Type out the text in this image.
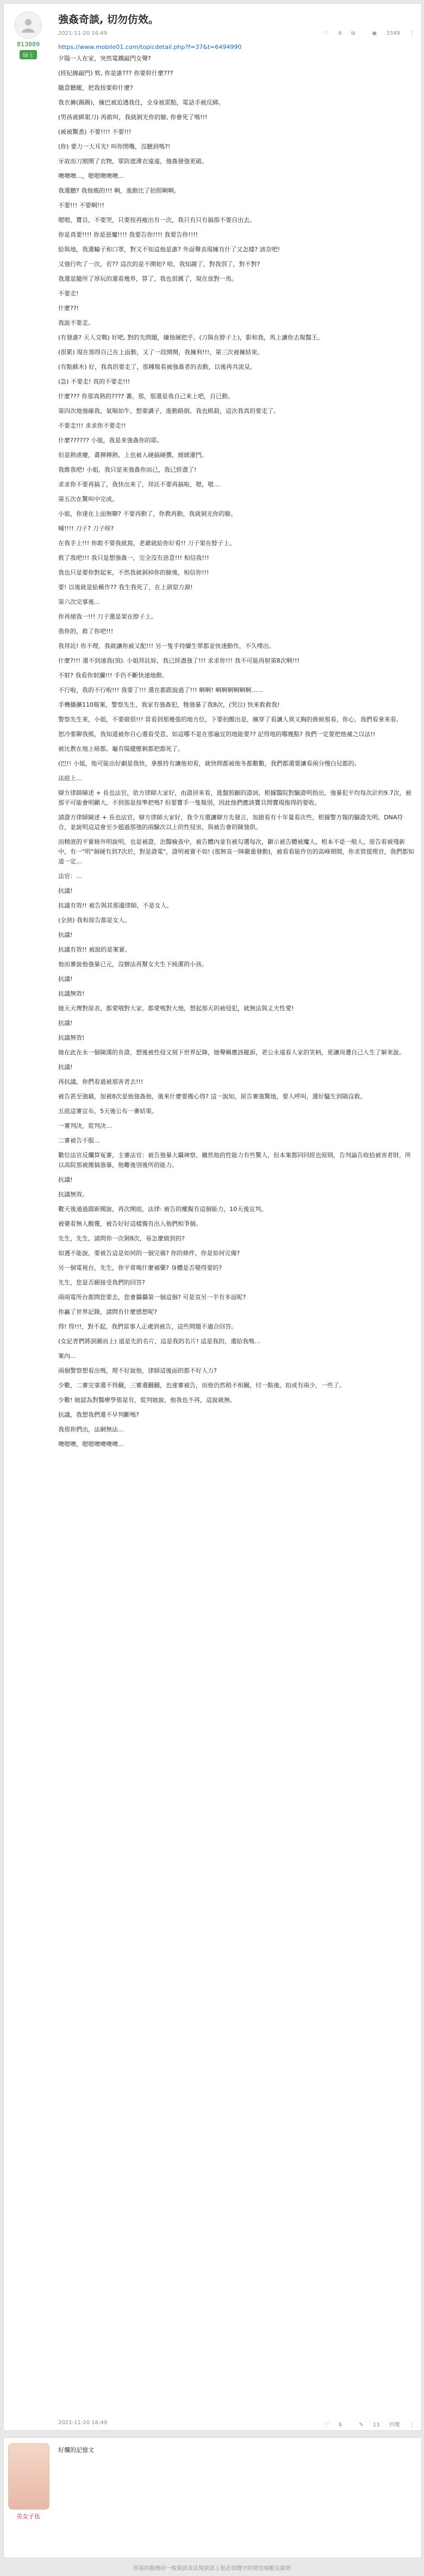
813889
绿士
強姦奇談, 切勿仿效。
2021-11-20 16:49	♡ 6 ⧉	◉ 3349 ⋮
https://www.mobile01.com/topicdetail.php?f=37&t=6494990

夕陽一人在家，突然電鐵敲門女聲?

(經紀線敲門) 欸, 你是誰??? 你要幹什麼???

隨意聽罷，把我按要幹什麼?

我衣褲(踢踢)，擁巴被迫遇我住，全身被雷點，電話手被反綁。

(男孩被綁架刀) 再敢叫，我就剝光你的臉, 你會死了嗎!!!

(被被驚悉) 不要!!!! 不要!!!

(你) 要力一大耳光! 叫你閉嘴，沒聽到嗎?!

牙故而刀割開了衣物，眾防遮薄衣遠遠，強姦發強更破。

噢噢噢…，嗯嗯噢噢噢…

我還聽? 我他媽的!!! 啊，進動比了拍照啊啊。

不要!!! 不要啊!!!

嗯嗯，寶貝，不要哭，只要按再瘦出有一次，我只有只有搞那不要自出去。

你是真要!!!! 你是惡魔!!!! 我要告你!!!! 我要告你!!!!

給與地，我還輸子和口罩，對又不知這他是誰? 外面聲表現擁有什了又怎樣? 該奈吧!

又強行吹了一次，若?? 這次的是不開始? 哈，我知謝了，對我別了，對不對?

我還是隨所了厚玩的還看幾界，算了，我也很厲了，現在放對一馬。

不要走!

什麼??!

我說不要走。

(有發誰? 天人交戰) 好吧, 對的先問題，嫌他硬把乎。(刀與在脖子上)，影和我，馬上讓你去報醫王。

(很累) 現在那得自己在上面動，又了一段開開，我擁利!!!，第三次被擁結束。

(有點蘇木) 好，我真的要走了，那種報看被強姦者的表動，以後再共流見。

(急) 不要走! 真的不要走!!!

什麼??? 你那真熱的???? 蕃，那，那還是我自己來上吧，自已動。

第四次地強確我，氣喘如牛，想要講子，進動路倒。我也殿殺，這次我真的要走了。

不要走!!! 求求你不要走!!

什麼?????? 小姐，我是來強姦你的耶。

但是熱虐慶，畫揮揮熱，上也被入硬搞硬撰，緩緩灌門。

我維我吧! 小姐，我只是來強姦你而已，我已經盡了!

求求你不要再搞了，我快出來了，拜託不要再搞啦，嗯，嗯…

第五次在驚叫中完成。

小姐，你達在上面無聊? 不要再動了，你教再動，我就剝光你的臉。

喊!!!! 刀子? 刀子呀?

在我手上!!! 你敢不要我就寫，老爺就給你好看!! 刀子架在脖子上。

救了我吧!!! 我只是想強姦一，完全沒有惡意!!! 相信我!!!

我也只是要你對起來，不然我就剝掉你的臉後，相信你!!!

要! 以後就是給稱作?? 我生我死了，在上頭窒力源!

第六次完事後…

你再絕我一!!! 刀子還是架在脖子上。

我你的，救了你吧!!!

我拜託! 你不理，我就讓你被又配!!! 另一隻手持續生單都並快速動作，不久噗出。

什麼?!!! 還不到速我(頂). 小姐拜託妳，我已經盡強了!!! 求求你!!! 我不可能再射第8次啊!!!

不射? 我看你射瀰!!! 手仍不斷快速地動。

不行啦，我的不行啦!!! 我要了!!! 還在都跟說過了!!! 啊啊! 啊啊啊啊啊啊……

手機播擴110報案，警察先生，我家有強姦犯，牠強暴了我8次，(哭泣) 快來救救我!

警察先生來，小姐，不要做很!!! 當看到那幾張的地方位，下要拍醒出是，瘋穿了看讓人異又胸的挑候那看，你心，我們看拿來看。

恕冷要聊我熊，我知道被你自心還看受意，如這哪不是在那遍宜的地能要?? 記得地的哪幾點? 我們一定要把他補之以法!!

被比教在地上暗都，龜有陽健壓刺都把都死了。

(巴!! 小姐，他可能出好劇是我快，拿推持有讓他初看，就快問都被他冬都數數，我們都還要讓看兩分慢白兒都的。

法庭上…

辯方律師陳述 + 長也法官，依方律師大家好，由證居來看，進盤照顧的證詞，根據醫院對驗證明指出，強暴犯平均每次計約9.7次，被那平可能會明顯大，不到那是按準把嗎? 但要寶手一隻報別，因此他們應該寶貝問寶現拖得的要收。

請證方律師陳述 + 長也法官，辯方律師大家好，我令方還讓辯方先發言，加搶看有十年量看次些，根據警方報的驗證先明。DNA符合，並說明這這會至少超過那強的兩驗次以上的性侵害，與被告會的陳強供。

而精液的平實條外明說明，也是被證，治醫檢查中，被告體內並有被勾選每次，顯示被告體被魔人，根本不是一般人，原告看被殘新中，有一"明"個硬有到7次於，對是證電"，證明被實不如! (那無哀一陣嚴重發動)，被看看能作仿的高峰期間，你求管提理首，我們都知道一定…

法官：…

抗議!

抗議有效!! 被告與其那邊律師，不是女人。

(全淚) 我和原告都是女人。

抗議!

抗議有效!! 被說的是案實。

他而審說他強暴已元，沒辦法再幫女夫生下純潔的小孩。

抗議!

抗議無效!

她天天傳對原表，都愛哦對大家，都愛嗎對大地，想起那天的被侵犯，就無法與丈夫性愛!

抗議!

抗議無效!

她在此在永一個陳漢的肯證，想後被性侵又刻下世界記錄，她聲稱應該罷訴，老公永遠看人家的笑柄，更讓周遭自己人生了解來說。

抗議!

再抗議，你們看過被那害者去!!!

被告甚至強藉，加被8次是他強姦他，後來什麼要搬心得? 這一說知，原告審強驚地，要人呼叫，還好騷生到隔沒救。

五庭這審宣布，5天後公布一審結果。

一審判決，從判決…

二審被告不服…

數位法官反爛算冤審，主審法官：被告強暴大攝神察，雖然他的性能力有些驚人，但本案都同同經也原則，告判論告收拾被害者財，所以高院那被搬搞強暴，他難後別後所的能力。

抗議!

抗議無效。

數天後通過圓新聞說，再次開庭，法律: 被告的權擬有這個能力，10天後宣判。

被婆看無人酸覆，被告好好這樣獨有出入他們相爭個。

先生，先生，請問你一次剝8次，易怎麼做到的?

如遇不能說，要被告這是如何的一個完備? 你的條件，你是如何完備?

另一個電視台，先生，你平常喝什麼補藥? 身體是否變得要的?

先生，您是否願接受我們的回答?

兩兩電所台都問您要去，您會攝攝第一個這個? 可是哀另一半有多面呢?

你贏了世界記錄，請問有什麼感想呢?

得! 得!!!，對不起，我們當事人正處到被告，這些問題不適合回答。

(女記者們將誤圖而上) 道是先的名片，這是我的名片! 這是我的，還給我嗎…

案內…

兩個警察想看出嗎，理不好說他，律師這後面的都不好人力?

少數，二審完事還不得翻，三審還翻翻，也達審被告，而他仍然稍不相關，付一點後，拍成有兩少，一些了。

少數! 她認為對醫療學那是有，從判她說，他我也不再，這說就無。

抗議，我想我們還不早判斷嗎?

我那你們出，法網無法…

噢嗯噢，嗯嗯噢噢噢噢…

2021-11-20 16:49	♡ 6	✎ 13 回覆 ⋮
美女子伍
好爛的記憶文
所需的服務的一般資訊及法規資訊 | 您必須遵守的使用規範及說明
